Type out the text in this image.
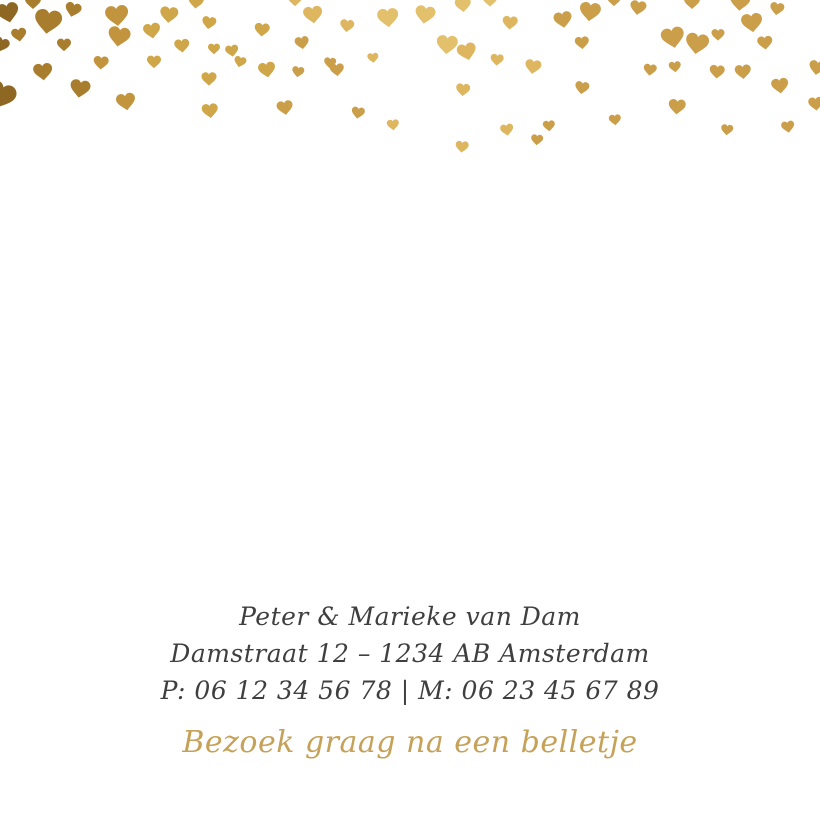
Peter & Marieke van Dam

Damstraat 12 – 1234 AB Amsterdam

P: 06 12 34 56 78 | M: 06 23 45 67 89

Bezoek graag na een belletje
